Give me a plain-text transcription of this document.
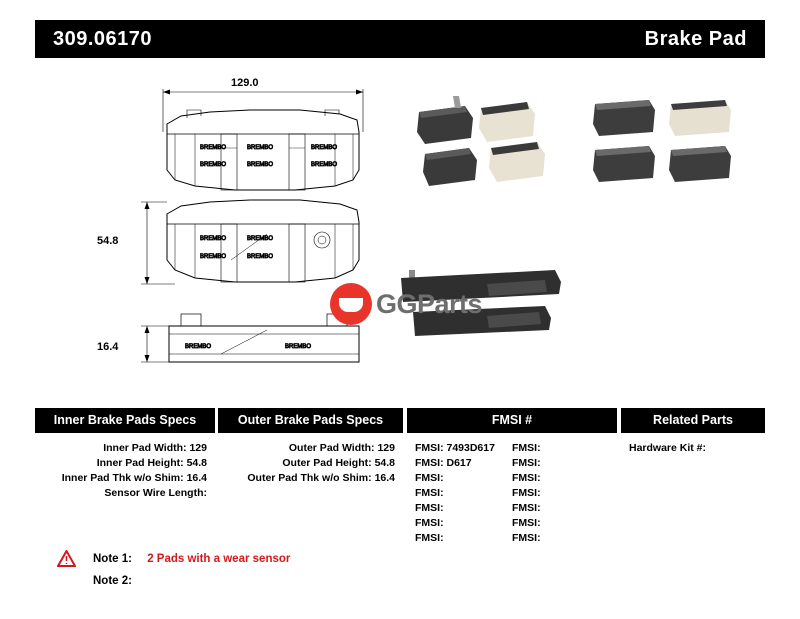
309.06170	Brake Pad
BREMBO	BREMBO
BREMBO	BREMBO
BREMBO
BREMBO
BREMBO	BREMBO
BREMBO	BREMBO
BREMBO	BREMBO
129.0
54.8
16.4
GGParts
Inner Brake Pads Specs
Inner Pad Width: 129
Inner Pad Height: 54.8
Inner Pad Thk w/o Shim: 16.4
Sensor Wire Length:
Outer Brake Pads Specs
Outer Pad Width: 129
Outer Pad Height: 54.8
Outer Pad Thk w/o Shim: 16.4
FMSI #
FMSI: 7493D617 FMSI:
FMSI: D617	FMSI:
FMSI:	FMSI:
FMSI:	FMSI:
FMSI:	FMSI:
FMSI:	FMSI:
FMSI:	FMSI:
Related Parts
Hardware Kit #:
Note 1: 2 Pads with a wear sensor
Note 2:
